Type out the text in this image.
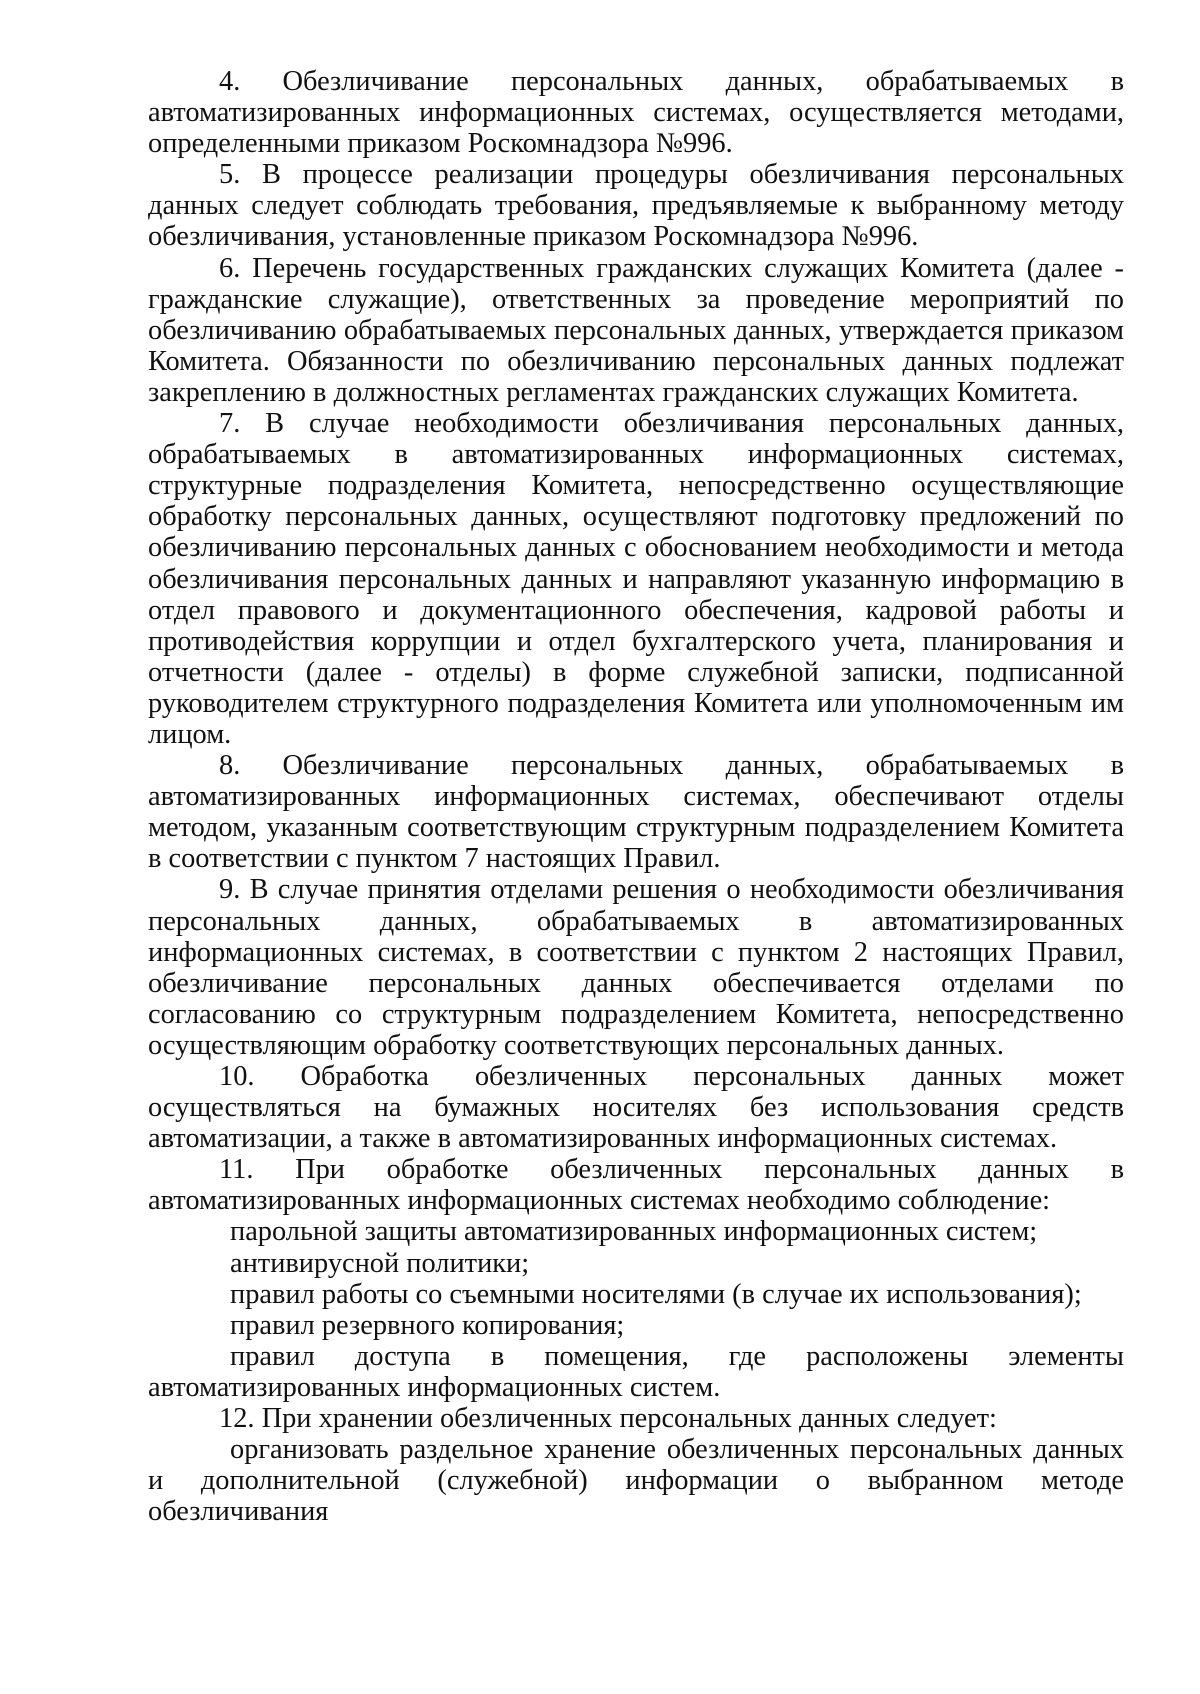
4. Обезличивание персональных данных, обрабатываемых в автоматизированных информационных системах, осуществляется методами, определенными приказом Роскомнадзора №996.

5. В процессе реализации процедуры обезличивания персональных данных следует соблюдать требования, предъявляемые к выбранному методу обезличивания, установленные приказом Роскомнадзора №996.

6. Перечень государственных гражданских служащих Комитета (далее - гражданские служащие), ответственных за проведение мероприятий по обезличиванию обрабатываемых персональных данных, утверждается приказом Комитета. Обязанности по обезличиванию персональных данных подлежат закреплению в должностных регламентах гражданских служащих Комитета.

7. В случае необходимости обезличивания персональных данных, обрабатываемых в автоматизированных информационных системах, структурные подразделения Комитета, непосредственно осуществляющие обработку персональных данных, осуществляют подготовку предложений по обезличиванию персональных данных с обоснованием необходимости и метода обезличивания персональных данных и направляют указанную информацию в отдел правового и документационного обеспечения, кадровой работы и противодействия коррупции и отдел бухгалтерского учета, планирования и отчетности (далее - отделы) в форме служебной записки, подписанной руководителем структурного подразделения Комитета или уполномоченным им лицом.

8. Обезличивание персональных данных, обрабатываемых в автоматизированных информационных системах, обеспечивают отделы методом, указанным соответствующим структурным подразделением Комитета в соответствии с пунктом 7 настоящих Правил.

9. В случае принятия отделами решения о необходимости обезличивания персональных данных, обрабатываемых в автоматизированных информационных системах, в соответствии с пунктом 2 настоящих Правил, обезличивание персональных данных обеспечивается отделами по согласованию со структурным подразделением Комитета, непосредственно осуществляющим обработку соответствующих персональных данных.

10. Обработка обезличенных персональных данных может осуществляться на бумажных носителях без использования средств автоматизации, а также в автоматизированных информационных системах.

11. При обработке обезличенных персональных данных в автоматизированных информационных системах необходимо соблюдение:

парольной защиты автоматизированных информационных систем;

антивирусной политики;

правил работы со съемными носителями (в случае их использования);

правил резервного копирования;

правил доступа в помещения, где расположены элементы автоматизированных информационных систем.

12. При хранении обезличенных персональных данных следует:

организовать раздельное хранение обезличенных персональных данных и дополнительной (служебной) информации о выбранном методе обезличивания
